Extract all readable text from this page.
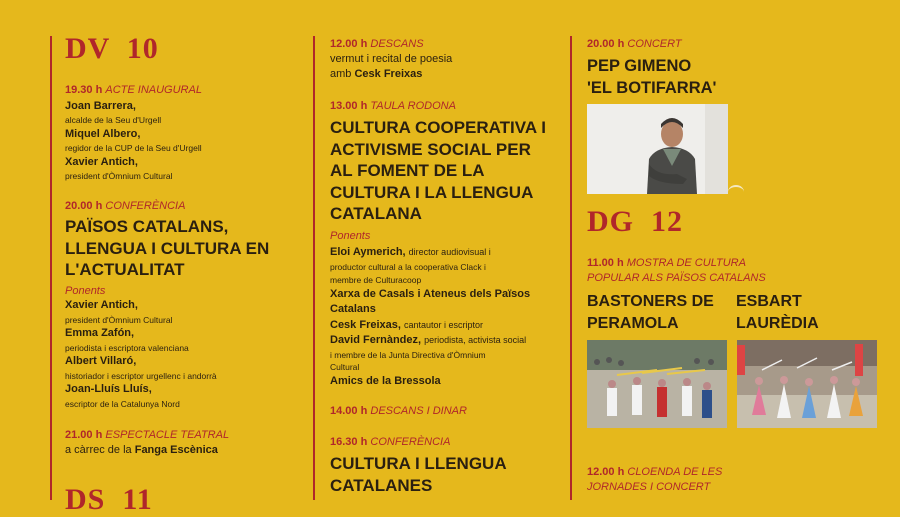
DV  10
19.30 h ACTE INAUGURAL
Joan Barrera,
alcalde de la Seu d'Urgell
Miquel Albero,
regidor de la CUP de la Seu d'Urgell
Xavier Antich,
president d'Òmnium Cultural
20.00 h CONFERÈNCIA
PAÏSOS CATALANS,
LLENGUA I CULTURA EN
L'ACTUALITAT
Ponents
Xavier Antich,
president d'Òmnium Cultural
Emma Zafón,
periodista i escriptora valenciana
Albert Villaró,
historiador i escriptor urgellenc i andorrà
Joan-Lluís Lluís,
escriptor de la Catalunya Nord
21.00 h ESPECTACLE TEATRAL
a càrrec de la Fanga Escènica
DS  11
12.00 h DESCANS
vermut i recital de poesia
amb Cesk Freixas
13.00 h TAULA RODONA
CULTURA COOPERATIVA I
ACTIVISME SOCIAL PER
AL FOMENT DE LA
CULTURA I LA LLENGUA
CATALANA
Ponents
Eloi Aymerich, director audiovisual i
productor cultural a la cooperativa Clack i
membre de Culturacoop
Xarxa de Casals i Ateneus dels Països
Catalans
Cesk Freixas, cantautor i escriptor
David Fernàndez, periodista, activista social
i membre de la Junta Directiva d'Òmnium
Cultural
Amics de la Bressola
14.00 h DESCANS I DINAR
16.30 h CONFERÈNCIA
CULTURA I LLENGUA
CATALANES
20.00 h CONCERT
PEP GIMENO
'EL BOTIFARRA'
DG  12
11.00 h MOSTRA DE CULTURA
POPULAR ALS PAÏSOS CATALANS
BASTONERS DE
PERAMOLA
ESBART
LAURÈDIA
12.00 h CLOENDA DE LES
JORNADES I CONCERT
